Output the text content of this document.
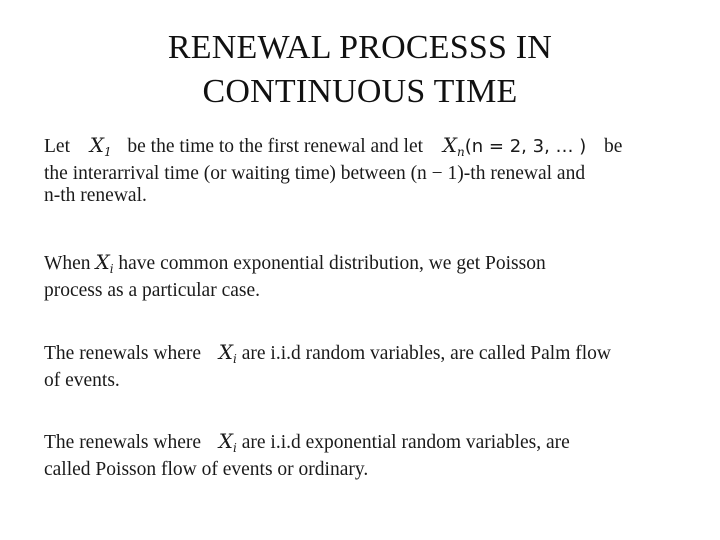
RENEWAL PROCESSS IN
CONTINUOUS TIME
Let $X_1$ be the time to the first renewal and let $X_n(n = 2$, 3, … ) be
the interarrival time (or waiting time) between (n − 1)-th renewal and
n-th renewal.
When $X_i$ have common exponential distribution, we get Poisson
process as a particular case.
The renewals where $X_i$ are i.i.d random variables, are called Palm flow
of events.
The renewals where $X_i$ are i.i.d exponential random variables, are
called Poisson flow of events or ordinary.
